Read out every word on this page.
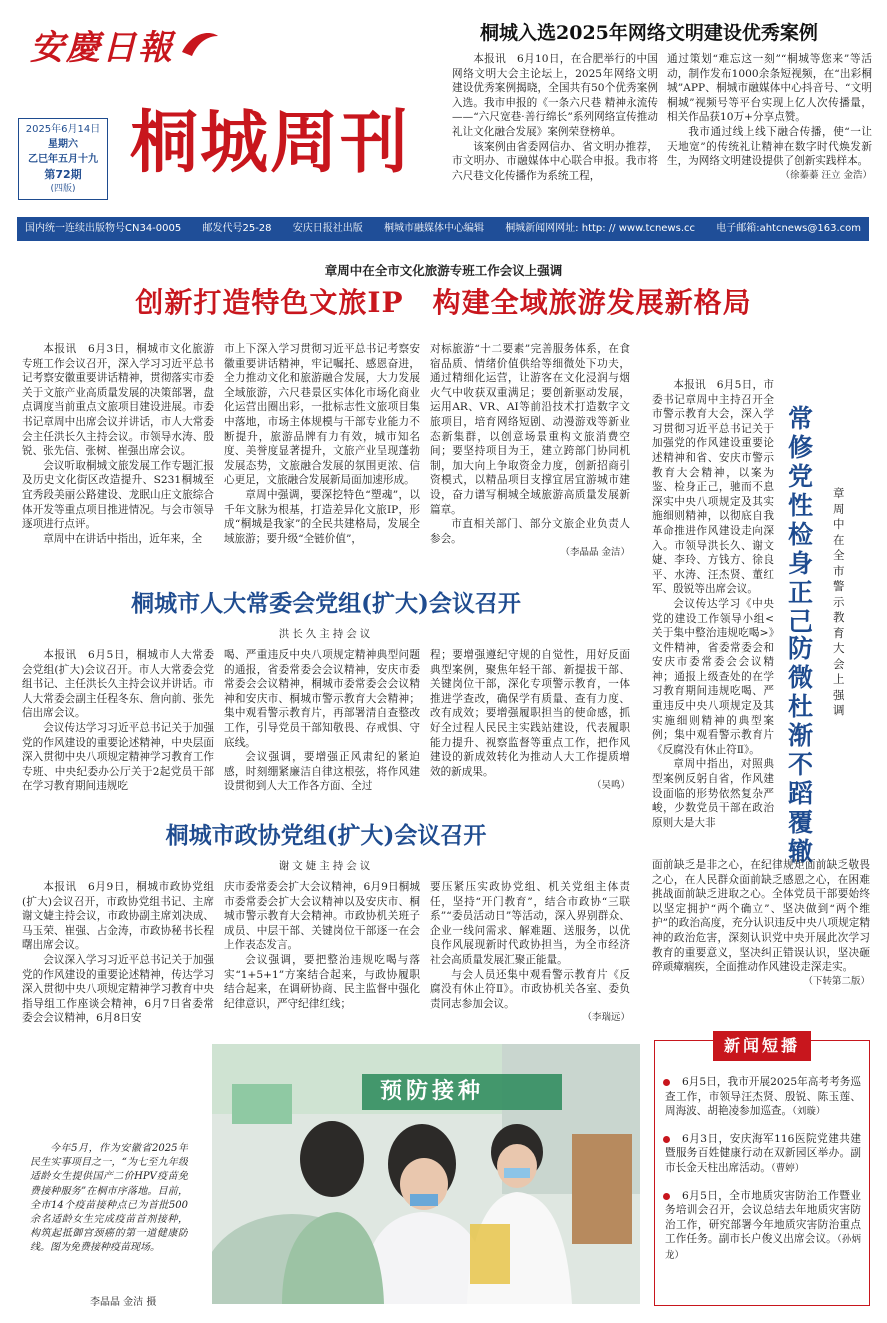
安慶日報
2025年6月14日
星期六
乙巳年五月十九
第72期
(四版)
桐城周刊
桐城入选2025年网络文明建设优秀案例

本报讯　6月10日，在合肥举行的中国网络文明大会主论坛上，2025年网络文明建设优秀案例揭晓，全国共有50个优秀案例入选。我市申报的《一条六尺巷 精神永流传——“六尺宽巷·善行绵长”系列网络宣传推动礼让文化融合发展》案例荣登榜单。

该案例由省委网信办、省文明办推荐，市文明办、市融媒体中心联合申报。我市将六尺巷文化传播作为系统工程，

通过策划“难忘这一刻”“桐城等您来”等活动，制作发布1000余条短视频，在“出彩桐城”APP、桐城市融媒体中心抖音号、“文明桐城”视频号等平台实现上亿人次传播量，相关作品获10万+分享点赞。

我市通过线上线下融合传播，使“一让天地宽”的传统礼让精神在数字时代焕发新生，为网络文明建设提供了创新实践样本。

（徐蓁蓁 汪立 金浩）
国内统一连续出版物号CN34-0005 邮发代号25-28 安庆日报社出版 桐城市融媒体中心编辑 桐城新闻网网址: http: // www.tcnews.cc 电子邮箱:ahtcnews@163.com
章周中在全市文化旅游专班工作会议上强调
创新打造特色文旅IP　构建全域旅游发展新格局

本报讯　6月3日，桐城市文化旅游专班工作会议召开，深入学习习近平总书记考察安徽重要讲话精神，贯彻落实市委关于文旅产业高质量发展的决策部署，盘点调度当前重点文旅项目建设进展。市委书记章周中出席会议并讲话，市人大常委会主任洪长久主持会议。市领导水涛、殷锐、张先信、张树、崔强出席会议。

会议听取桐城文旅发展工作专题汇报及历史文化街区改造提升、S231桐城至宜秀段美丽公路建设、龙眠山庄文旅综合体开发等重点项目推进情况。与会市领导逐项进行点评。

章周中在讲话中指出，近年来，全

市上下深入学习贯彻习近平总书记考察安徽重要讲话精神，牢记嘱托、感恩奋进，全力推动文化和旅游融合发展，大力发展全域旅游，六尺巷景区实体化市场化商业化运营出圈出彩，一批标志性文旅项目集中落地，市场主体规模与干部专业能力不断提升，旅游品牌有力有效，城市知名度、美誉度显著提升，文旅产业呈现蓬勃发展态势，文旅融合发展的氛围更浓、信心更足，文旅融合发展新局面加速形成。

章周中强调，要深挖特色“塑魂”，以千年文脉为根基，打造差异化文旅IP，形成“桐城是我家”的全民共建格局，发展全域旅游；要升级“全链价值”，

对标旅游“十二要素”完善服务体系，在食宿品质、情绪价值供给等细微处下功夫，通过精细化运营，让游客在文化浸润与烟火气中收获双重满足；要创新驱动发展，运用AR、VR、AI等前沿技术打造数字文旅项目，培育网络短剧、动漫游戏等新业态新集群，以创意场景重构文旅消费空间；要坚持项目为王，建立跨部门协同机制，加大向上争取资金力度，创新招商引资模式，以精品项目支撑宜居宜游城市建设，奋力谱写桐城全域旅游高质量发展新篇章。

市直相关部门、部分文旅企业负责人参会。

（李晶晶 金洁）
常修党性检身正己
防微杜渐不蹈覆辙
章周中在全市警示教育大会上强调

本报讯　6月5日，市委书记章周中主持召开全市警示教育大会，深入学习贯彻习近平总书记关于加强党的作风建设重要论述精神和省、安庆市警示教育大会精神，以案为鉴、检身正己，驰而不息深实中央八项规定及其实施细则精神，以彻底自我革命推进作风建设走向深入。市领导洪长久、谢文婕、李玲、方钱方、徐良平、水涛、汪杰贤、董红军、殷锐等出席会议。

会议传达学习《中央党的建设工作领导小组<关于集中整治违规吃喝>》文件精神，省委常委会和安庆市委常委会会议精神；通报上级查处的在学习教育期间违规吃喝、严重违反中央八项规定及其实施细则精神的典型案例；集中观看警示教育片《反腐没有休止符Ⅱ》。

章周中指出，对照典型案例反躬自省，作风建设面临的形势依然复杂严峻，少数党员干部在政治原则大是大非

面前缺乏是非之心，在纪律规矩面前缺乏敬畏之心，在人民群众面前缺乏感恩之心，在困难挑战面前缺乏进取之心。全体党员干部要始终以坚定拥护“两个确立”、坚决做到“两个维护”的政治高度，充分认识违反中央八项规定精神的政治危害，深刻认识党中央开展此次学习教育的重要意义，坚决纠正错误认识，坚决砸碎顽瘴痼疾，全面推动作风建设走深走实。

（下转第二版）
桐城市人大常委会党组(扩大)会议召开
洪长久主持会议

本报讯　6月5日，桐城市人大常委会党组(扩大)会议召开。市人大常委会党组书记、主任洪长久主持会议并讲话。市人大常委会副主任程冬东、詹向前、张先信出席会议。

会议传达学习习近平总书记关于加强党的作风建设的重要论述精神，中央层面深入贯彻中央八项规定精神学习教育工作专班、中央纪委办公厅关于2起党员干部在学习教育期间违规吃

喝、严重违反中央八项规定精神典型问题的通报，省委常委会会议精神，安庆市委常委会会议精神，桐城市委常委会会议精神和安庆市、桐城市警示教育大会精神；集中观看警示教育片，再部署清自查整改工作，引导党员干部知敬畏、存戒惧、守底线。

会议强调，要增强正风肃纪的紧迫感，时刻绷紧廉洁自律这根弦，将作风建设贯彻到人大工作各方面、全过

程；要增强遵纪守规的自觉性，用好反面典型案例，聚焦年轻干部、新提拔干部、关键岗位干部，深化专项警示教育，一体推进学查改，确保学有质量、查有力度、改有成效；要增强履职担当的使命感，抓好全过程人民民主实践站建设，代表履职能力提升、视察监督等重点工作，把作风建设的新成效转化为推动人大工作提质增效的新成果。

（吴鸣）
桐城市政协党组(扩大)会议召开
谢文婕主持会议

本报讯　6月9日，桐城市政协党组(扩大)会议召开，市政协党组书记、主席谢文婕主持会议，市政协副主席刘决成、马玉荣、崔强、占金涛，市政协秘书长程曙出席会议。

会议深入学习习近平总书记关于加强党的作风建设的重要论述精神，传达学习深入贯彻中央八项规定精神学习教育中央指导组工作座谈会精神，6月7日省委常委会会议精神，6月8日安

庆市委常委会扩大会议精神，6月9日桐城市委常委会扩大会议精神以及安庆市、桐城市警示教育大会精神。市政协机关班子成员、中层干部、关键岗位干部逐一在会上作表态发言。

会议强调，要把整治违规吃喝与落实“1+5+1”方案结合起来，与政协履职结合起来，在调研协商、民主监督中强化纪律意识，严守纪律红线；

要压紧压实政协党组、机关党组主体责任，坚持“开门教育”，结合市政协“三联系”“委员活动日”等活动，深入界别群众、企业一线问需求、解难题、送服务，以优良作风展现新时代政协担当，为全市经济社会高质量发展汇聚正能量。

与会人员还集中观看警示教育片《反腐没有休止符Ⅱ》。市政协机关各室、委负责同志参加会议。

（李瑞远）

今年5月，作为安徽省2025年民生实事项目之一，“为七至九年级适龄女生提供国产二价HPV疫苗免费接种服务”在桐市序落地。目前，全市14个疫苗接种点已为首批500余名适龄女生完成疫苗首剂接种，构筑起抵御宫颈癌的第一道健康防线。图为免费接种疫苗现场。

李晶晶 金洁 摄
预防接种
新闻短播
6月5日，我市开展2025年高考考务巡查工作，市领导汪杰贤、殷锐、陈玉莲、周海波、胡艳凌参加巡查。（刘璇）
6月3日，安庆海军116医院党建共建暨服务百姓健康行动在双新园区举办。副市长金天柱出席活动。（曹婷）
6月5日，全市地质灾害防治工作暨业务培训会召开，会议总结去年地质灾害防治工作，研究部署今年地质灾害防治重点工作任务。副市长户俊义出席会议。（孙炳龙）
